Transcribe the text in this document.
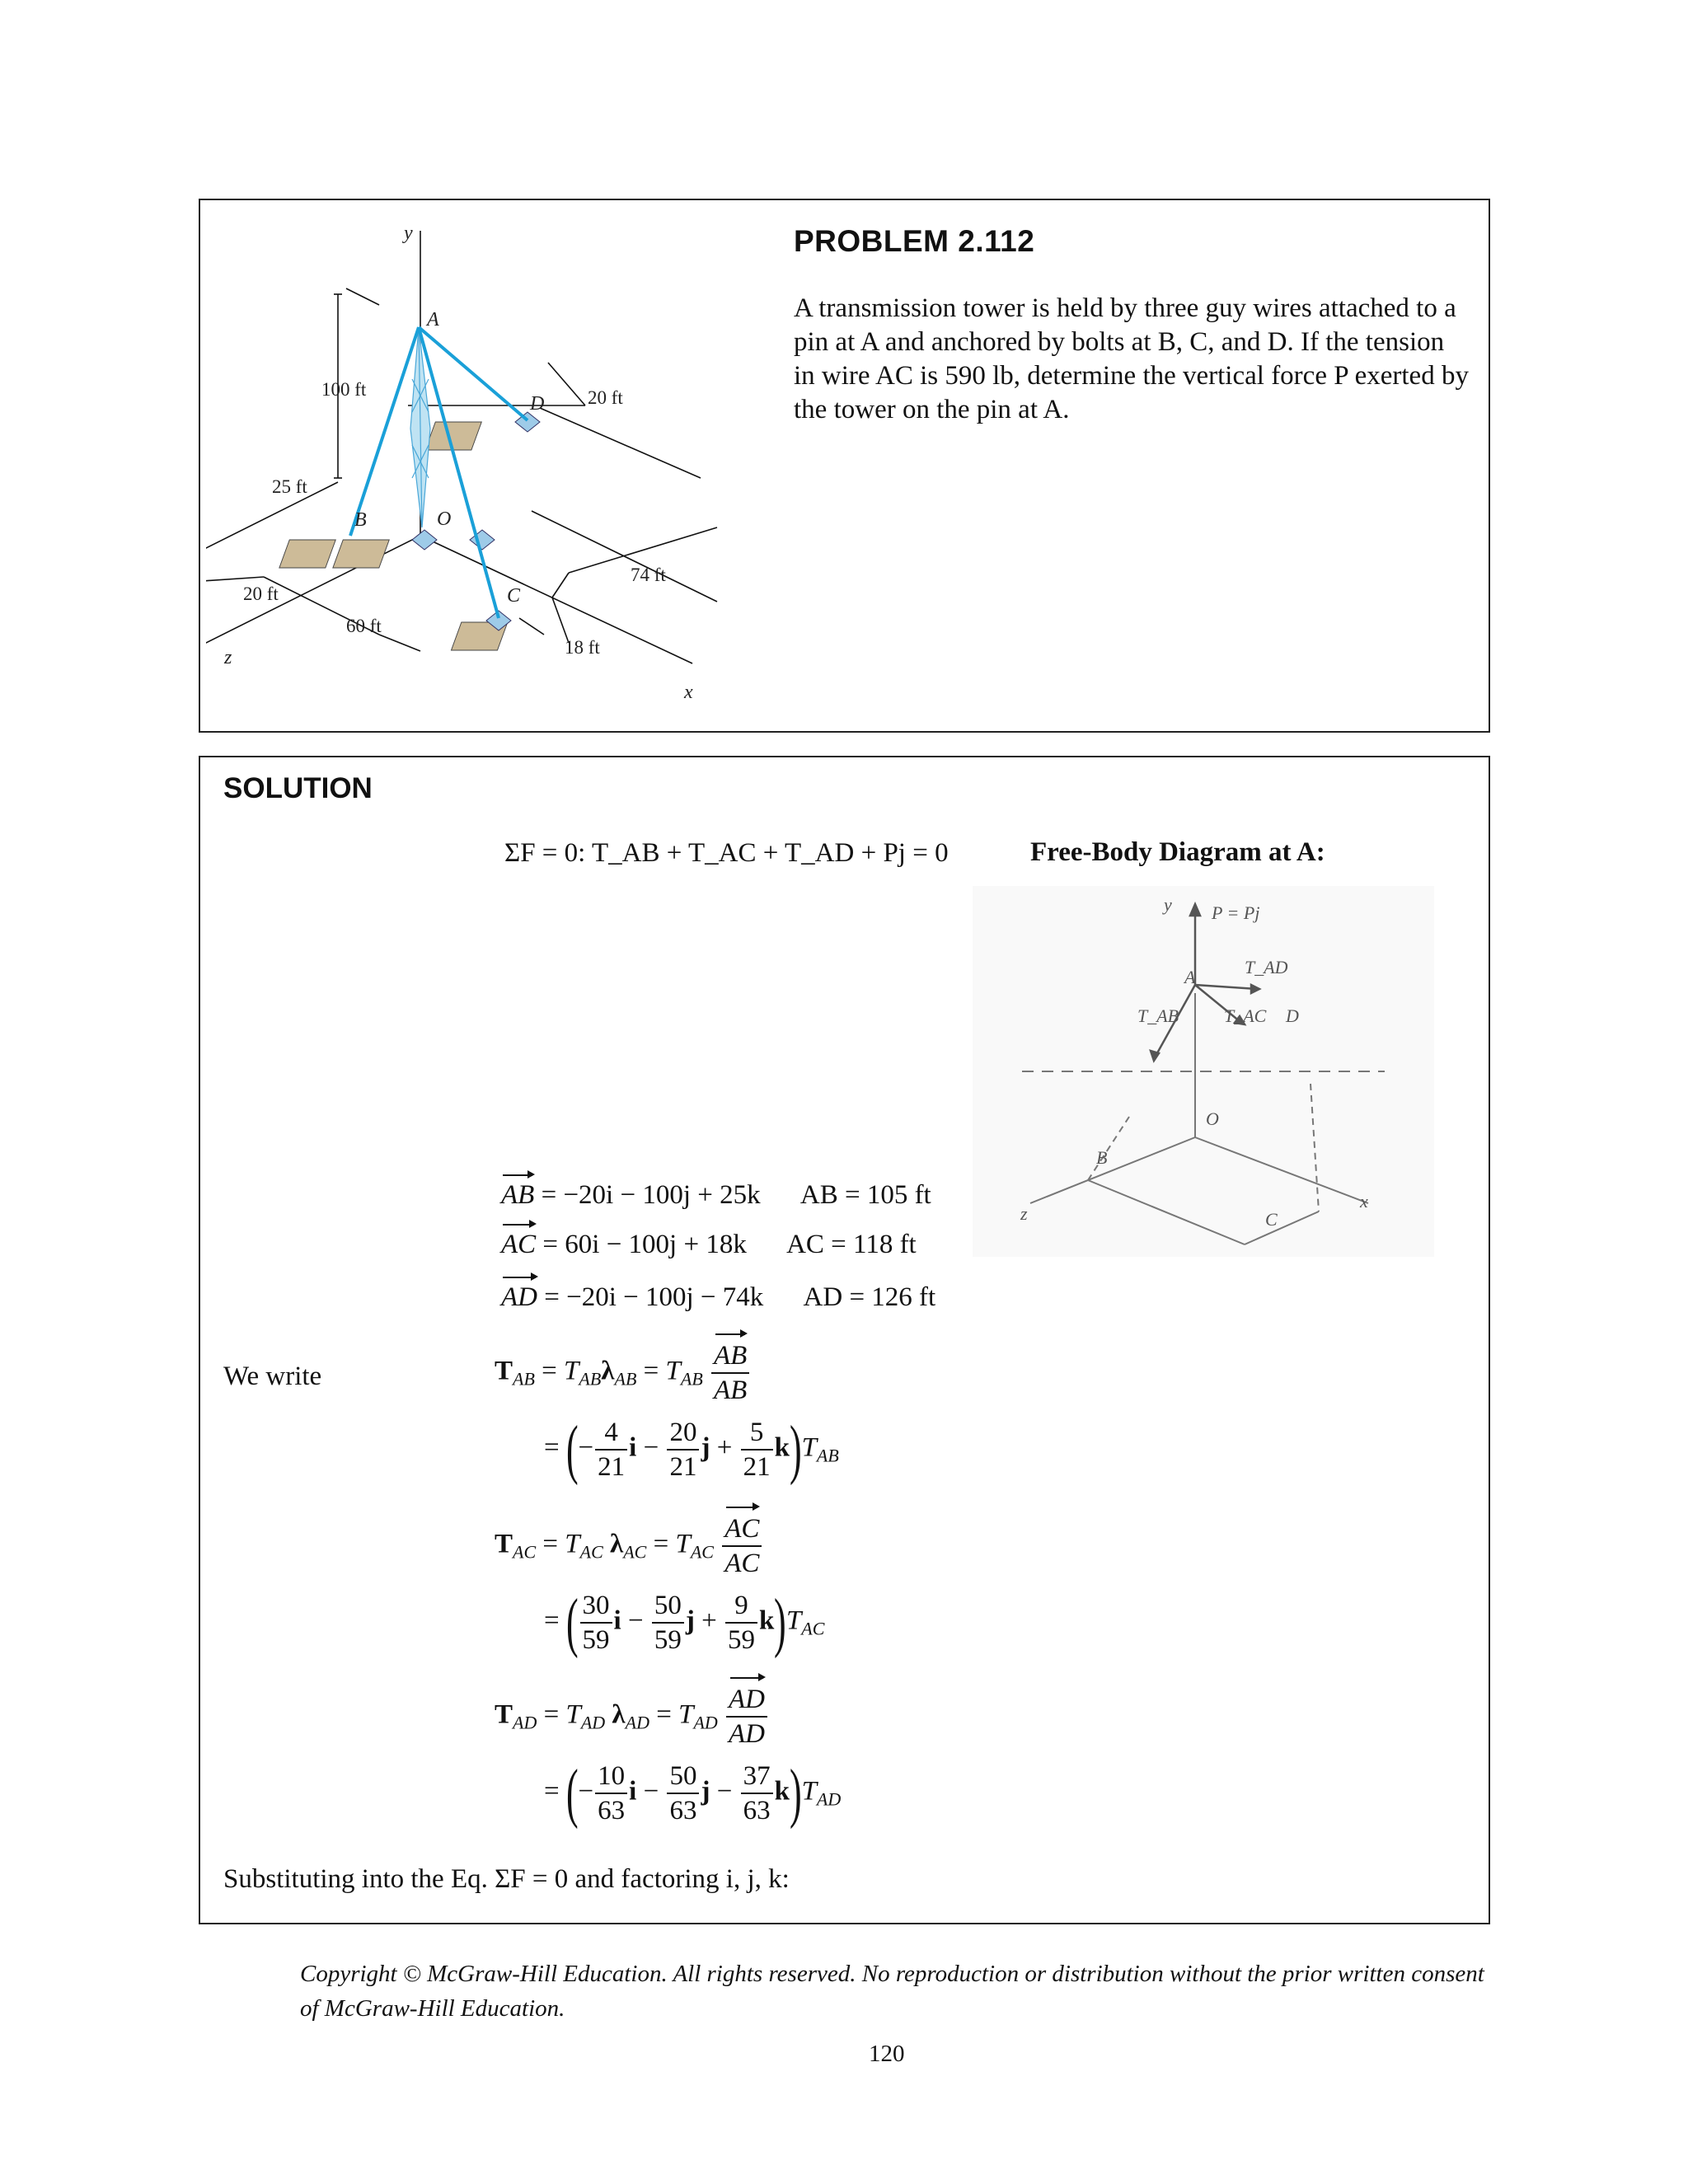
y
z
x
A
B
C
D
O
100 ft	20 ft
25 ft
74 ft
20 ft
60 ft
18 ft
PROBLEM 2.112
A transmission tower is held by three guy wires attached to a pin at A and anchored by bolts at B, C, and D. If the tension in wire AC is 590 lb, determine the vertical force P exerted by the tower on the pin at A.
SOLUTION
ΣF = 0: T_AB + T_AC + T_AD + Pj = 0	Free-Body Diagram at A:
y P = Pj
A	T_AD
T_AB T_AC D
O
B
C
z
x
AB = −20i − 100j + 25k AB = 105 ft
AC = 60i − 100j + 18k AC = 118 ft
AD = −20i − 100j − 74k AD = 126 ft
We write	$T_{AB} = T_{AB}\lambda_{AB} = T_{AB} \frac{AB}{AB}$
= (− $\frac{4}{21}$ $i - \frac{20}{21}$ $j + \frac{5}{21} k)T_{AB}$
$T_{AC} = T_{AC}$ $\lambda_{AC} = T_{AC} \frac{AC}{AC}$
= ( $\frac{30}{59}$ $i - \frac{50}{59}$ $j + \frac{9}{59} k)T_{AC}$
$T_{AD} = T_{AD}$ $\lambda_{AD} = T_{AD} \frac{AD}{AD}$
= (− $\frac{10}{63}$ $i - \frac{50}{63}$ $j - \frac{37}{63} k)T_{AD}$
Substituting into the Eq. ΣF = 0 and factoring i, j, k:
Copyright © McGraw-Hill Education. All rights reserved. No reproduction or distribution without the prior written consent of McGraw-Hill Education.
120
